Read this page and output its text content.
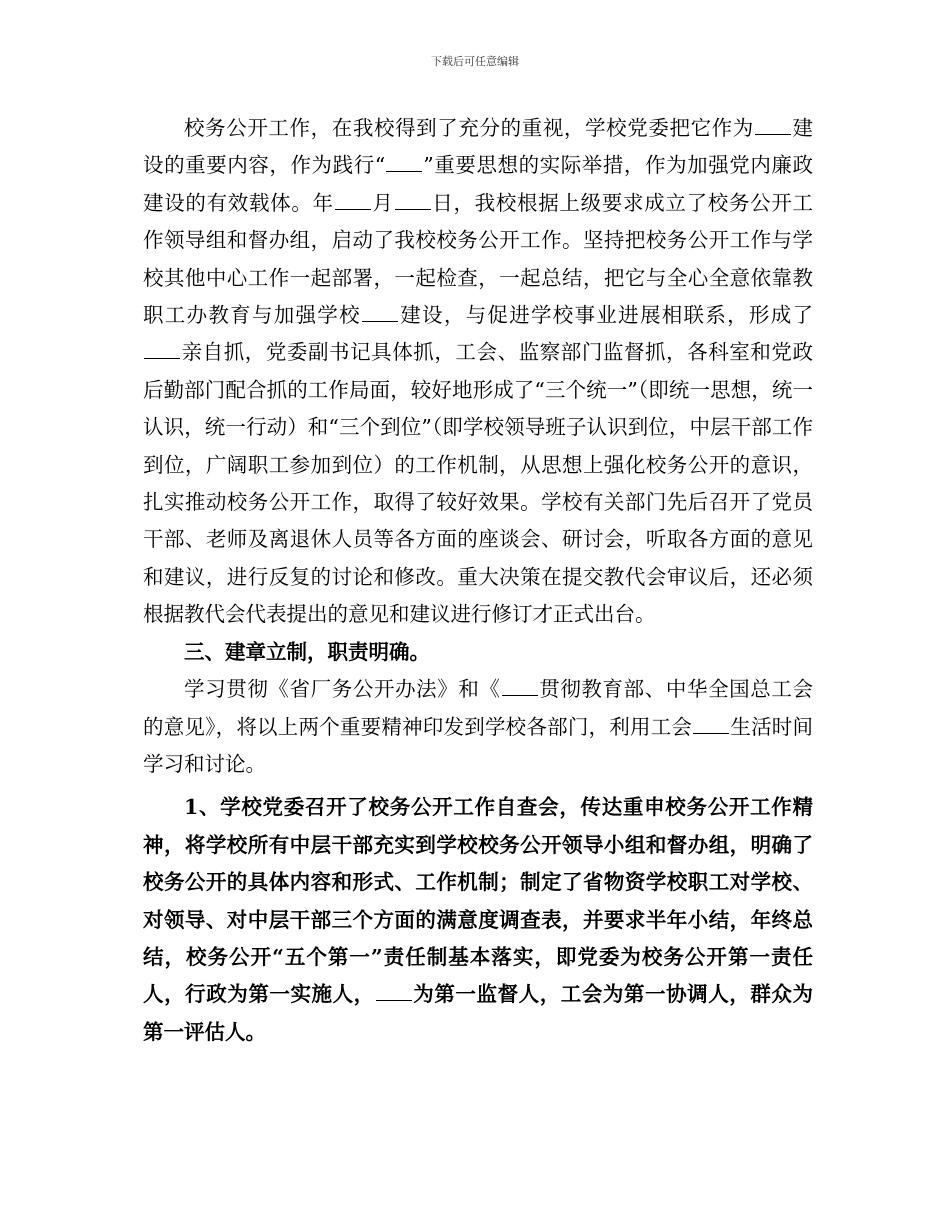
下载后可任意编辑

校务公开工作，在我校得到了充分的重视，学校党委把它作为 建设的重要内容，作为践行“ ”重要思想的实际举措，作为加强党内廉政建设的有效载体。年 月 日，我校根据上级要求成立了校务公开工作领导组和督办组，启动了我校校务公开工作。坚持把校务公开工作与学校其他中心工作一起部署，一起检查，一起总结，把它与全心全意依靠教职工办教育与加强学校 建设，与促进学校事业进展相联系，形成了亲自抓，党委副书记具体抓，工会、监察部门监督抓，各科室和党政后勤部门配合抓的工作局面，较好地形成了“三个统一”（即统一思想，统一认识，统一行动）和“三个到位”（即学校领导班子认识到位，中层干部工作到位，广阔职工参加到位）的工作机制，从思想上强化校务公开的意识，扎实推动校务公开工作，取得了较好效果。学校有关部门先后召开了党员干部、老师及离退休人员等各方面的座谈会、研讨会，听取各方面的意见和建议，进行反复的讨论和修改。重大决策在提交教代会审议后，还必须根据教代会代表提出的意见和建议进行修订才正式出台。

三、建章立制，职责明确。

学习贯彻《省厂务公开办法》和《 贯彻教育部、中华全国总工会的意见》，将以上两个重要精神印发到学校各部门，利用工会 生活时间学习和讨论。

1、学校党委召开了校务公开工作自查会，传达重申校务公开工作精神，将学校所有中层干部充实到学校校务公开领导小组和督办组，明确了校务公开的具体内容和形式、工作机制；制定了省物资学校职工对学校、对领导、对中层干部三个方面的满意度调查表，并要求半年小结，年终总结，校务公开“五个第一”责任制基本落实，即党委为校务公开第一责任人，行政为第一实施人， 为第一监督人，工会为第一协调人，群众为第一评估人。
